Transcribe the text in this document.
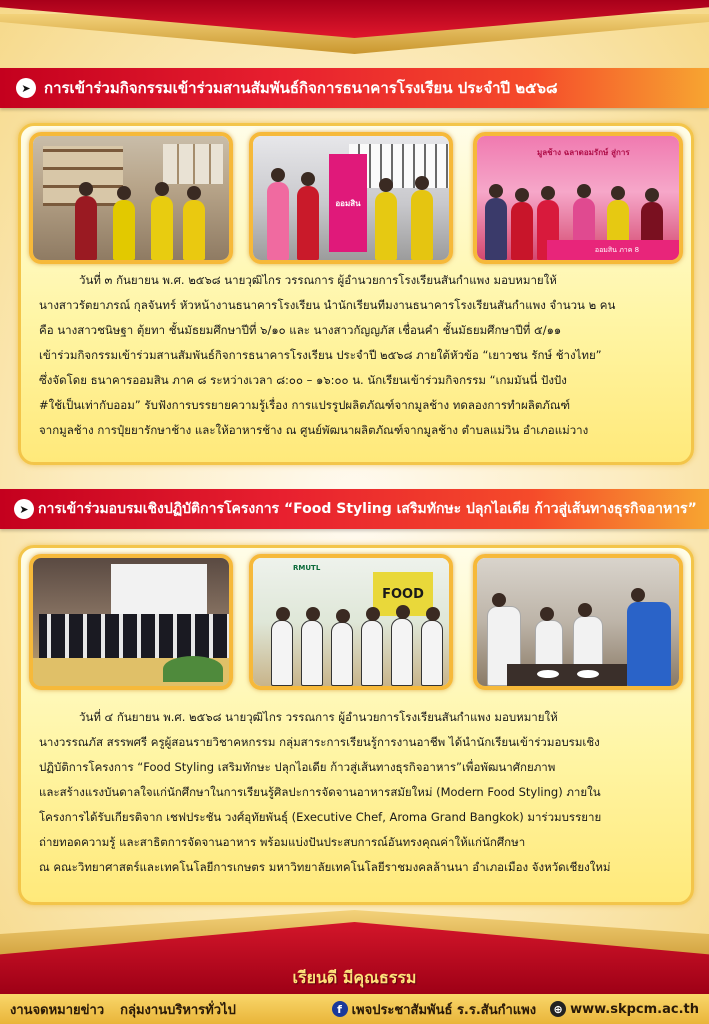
➤
การเข้าร่วมกิจกรรมเข้าร่วมสานสัมพันธ์กิจการธนาคารโรงเรียน ประจำปี ๒๕๖๘
ออมสิน
มูลช้าง ฉลาดอมรักษ์ สู่การ
ออมสิน ภาค 8

วันที่ ๓ กันยายน พ.ศ. ๒๕๖๘ นายวุฒิไกร วรรณการ ผู้อำนวยการโรงเรียนสันกำแพง มอบหมายให้

นางสาวรัตยาภรณ์ กุลจันทร์ หัวหน้างานธนาคารโรงเรียน นำนักเรียนทีมงานธนาคารโรงเรียนสันกำแพง จำนวน ๒ คน

คือ นางสาวชนิษฐา ตุ้ยทา ชั้นมัธยมศึกษาปีที่ ๖/๑๐ และ นางสาวกัญญภัส เชื่อนคำ ชั้นมัธยมศึกษาปีที่ ๕/๑๑

เข้าร่วมกิจกรรมเข้าร่วมสานสัมพันธ์กิจการธนาคารโรงเรียน ประจำปี ๒๕๖๘ ภายใต้หัวข้อ “เยาวชน รักษ์ ช้างไทย”

ซึ่งจัดโดย ธนาคารออมสิน ภาค ๘ ระหว่างเวลา ๘:๐๐ – ๑๖:๐๐ น. นักเรียนเข้าร่วมกิจกรรม “เกมมันนี่ ปังปัง

#ใช้เป็นเท่ากับออม” รับฟังการบรรยายความรู้เรื่อง การแปรรูปผลิตภัณฑ์จากมูลช้าง ทดลองการทำผลิตภัณฑ์

จากมูลช้าง การปุ๋ยยารักษาช้าง และให้อาหารช้าง ณ ศูนย์พัฒนาผลิตภัณฑ์จากมูลช้าง ตำบลแม่วิน อำเภอแม่วาง

➤
การเข้าร่วมอบรมเชิงปฏิบัติการโครงการ “Food Styling เสริมทักษะ ปลุกไอเดีย ก้าวสู่เส้นทางธุรกิจอาหาร”
RMUTL
FOOD

วันที่ ๔ กันยายน พ.ศ. ๒๕๖๘ นายวุฒิไกร วรรณการ ผู้อำนวยการโรงเรียนสันกำแพง มอบหมายให้

นางวรรณภัส สรรพศรี ครูผู้สอนรายวิชาคหกรรม กลุ่มสาระการเรียนรู้การงานอาชีพ ได้นำนักเรียนเข้าร่วมอบรมเชิง

ปฏิบัติการโครงการ “Food Styling เสริมทักษะ ปลุกไอเดีย ก้าวสู่เส้นทางธุรกิจอาหาร”เพื่อพัฒนาศักยภาพ

และสร้างแรงบันดาลใจแก่นักศึกษาในการเรียนรู้ศิลปะการจัดจานอาหารสมัยใหม่ (Modern Food Styling) ภายใน

โครงการได้รับเกียรติจาก เชฟประชัน วงศ์อุทัยพันธุ์ (Executive Chef, Aroma Grand Bangkok) มาร่วมบรรยาย

ถ่ายทอดความรู้ และสาธิตการจัดจานอาหาร พร้อมแบ่งปันประสบการณ์อันทรงคุณค่าให้แก่นักศึกษา

ณ คณะวิทยาศาสตร์และเทคโนโลยีการเกษตร มหาวิทยาลัยเทคโนโลยีราชมงคลล้านนา อำเภอเมือง จังหวัดเชียงใหม่

เรียนดี มีคุณธรรม
งานจดหมายข่าว กลุ่มงานบริหารทั่วไป	f เพจประชาสัมพันธ์ ร.ร.สันกำแพง	⊕ www.skpcm.ac.th
